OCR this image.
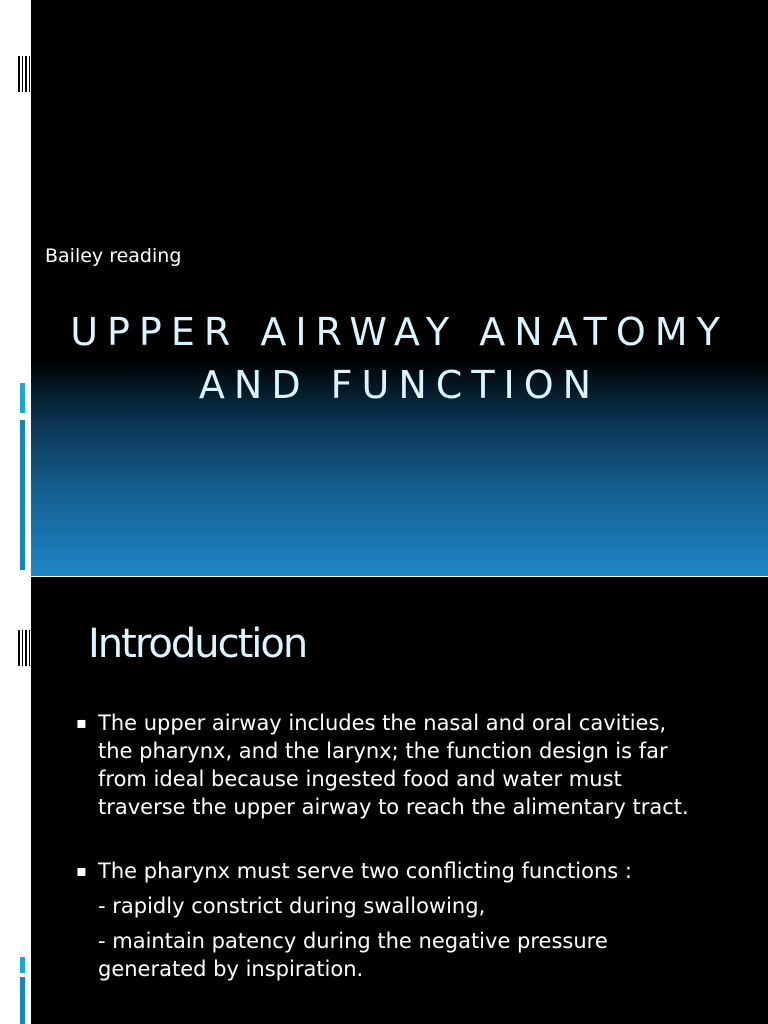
Bailey reading
UPPER AIRWAY ANATOMY
AND FUNCTION
Introduction
▪ The upper airway includes the nasal and oral cavities, the pharynx, and the larynx; the function design is far from ideal because ingested food and water must traverse the upper airway to reach the alimentary tract.
▪ The pharynx must serve two conflicting functions :
- rapidly constrict during swallowing,
- maintain patency during the negative pressure generated by inspiration.
